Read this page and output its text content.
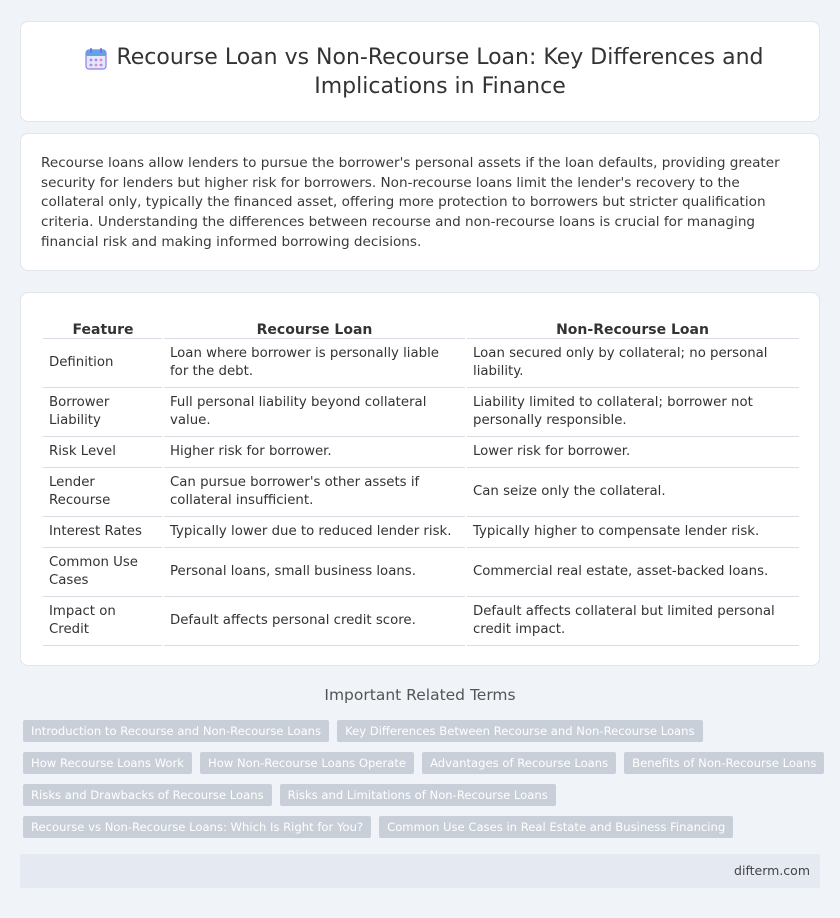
Recourse Loan vs Non-Recourse Loan: Key Differences and Implications in Finance

Recourse loans allow lenders to pursue the borrower's personal assets if the loan defaults, providing greater security for lenders but higher risk for borrowers. Non-recourse loans limit the lender's recovery to the collateral only, typically the financed asset, offering more protection to borrowers but stricter qualification criteria. Understanding the differences between recourse and non-recourse loans is crucial for managing financial risk and making informed borrowing decisions.

Feature	Recourse Loan	Non-Recourse Loan
Definition	Loan where borrower is personally liable for the debt.	Loan secured only by collateral; no personal liability.
Borrower Liability	Full personal liability beyond collateral value.	Liability limited to collateral; borrower not personally responsible.
Risk Level	Higher risk for borrower.	Lower risk for borrower.
Lender Recourse	Can pursue borrower's other assets if collateral insufficient.	Can seize only the collateral.
Interest Rates	Typically lower due to reduced lender risk.	Typically higher to compensate lender risk.
Common Use Cases	Personal loans, small business loans.	Commercial real estate, asset-backed loans.
Impact on Credit	Default affects personal credit score.	Default affects collateral but limited personal credit impact.
Important Related Terms
Introduction to Recourse and Non-Recourse Loans	Key Differences Between Recourse and Non-Recourse Loans
How Recourse Loans Work	How Non-Recourse Loans Operate	Advantages of Recourse Loans	Benefits of Non-Recourse Loans
Risks and Drawbacks of Recourse Loans	Risks and Limitations of Non-Recourse Loans
Recourse vs Non-Recourse Loans: Which Is Right for You?	Common Use Cases in Real Estate and Business Financing
difterm.com
